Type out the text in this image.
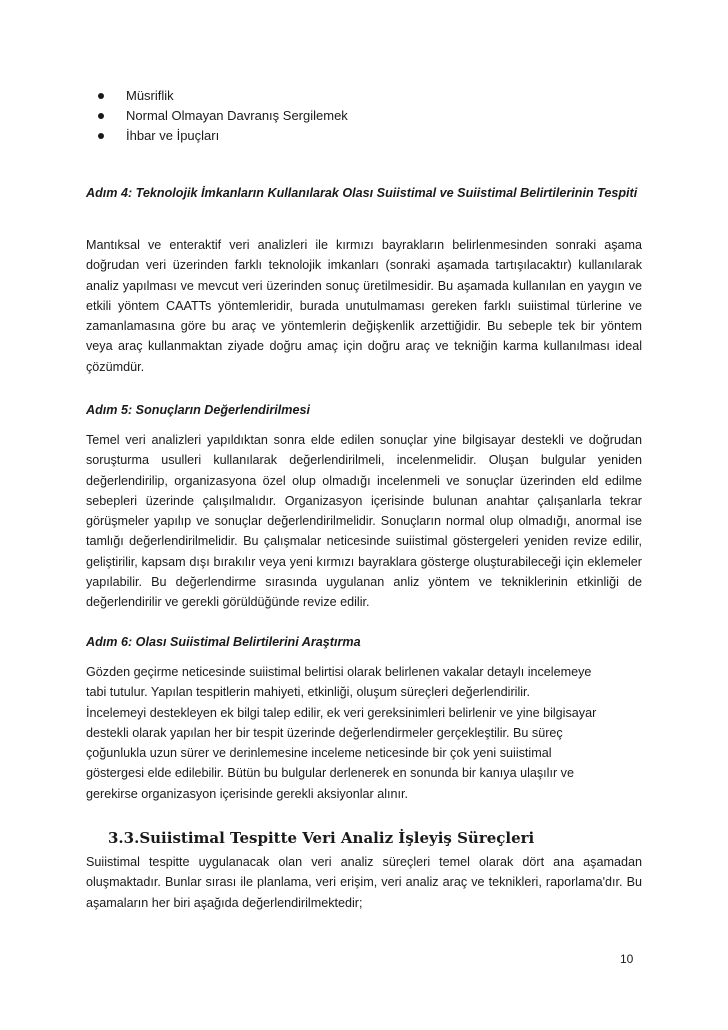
Müsriflik
Normal Olmayan Davranış Sergilemek
İhbar ve İpuçları

Adım 4: Teknolojik İmkanların Kullanılarak Olası Suiistimal ve Suiistimal Belirtilerinin Tespiti

Mantıksal ve enteraktif veri analizleri ile kırmızı bayrakların belirlenmesinden sonraki aşama doğrudan veri üzerinden farklı teknolojik imkanları (sonraki aşamada tartışılacaktır) kullanılarak analiz yapılması ve mevcut veri üzerinden sonuç üretilmesidir. Bu aşamada kullanılan en yaygın ve etkili yöntem CAATTs yöntemleridir, burada unutulmaması gereken farklı suiistimal türlerine ve zamanlamasına göre bu araç ve yöntemlerin değişkenlik arzettiğidir. Bu sebeple tek bir yöntem veya araç kullanmaktan ziyade doğru amaç için doğru araç ve tekniğin karma kullanılması ideal çözümdür.

Adım 5: Sonuçların Değerlendirilmesi

Temel veri analizleri yapıldıktan sonra elde edilen sonuçlar yine bilgisayar destekli ve doğrudan soruşturma usulleri kullanılarak değerlendirilmeli, incelenmelidir. Oluşan bulgular yeniden değerlendirilip, organizasyona özel olup olmadığı incelenmeli ve sonuçlar üzerinden eld edilme sebepleri üzerinde çalışılmalıdır. Organizasyon içerisinde bulunan anahtar çalışanlarla tekrar görüşmeler yapılıp ve sonuçlar değerlendirilmelidir. Sonuçların normal olup olmadığı, anormal ise tamlığı değerlendirilmelidir. Bu çalışmalar neticesinde suiistimal göstergeleri yeniden revize edilir, geliştirilir, kapsam dışı bırakılır veya yeni kırmızı bayraklara gösterge oluşturabileceği için eklemeler yapılabilir. Bu değerlendirme sırasında uygulanan anliz yöntem ve tekniklerinin etkinliği de değerlendirilir ve gerekli görüldüğünde revize edilir.

Adım 6: Olası Suiistimal Belirtilerini Araştırma

Gözden geçirme neticesinde suiistimal belirtisi olarak belirlenen vakalar detaylı incelemeye
tabi tutulur. Yapılan tespitlerin mahiyeti, etkinliği, oluşum süreçleri değerlendirilir.
İncelemeyi destekleyen ek bilgi talep edilir, ek veri gereksinimleri belirlenir ve yine bilgisayar
destekli olarak yapılan her bir tespit üzerinde değerlendirmeler gerçekleştilir. Bu süreç
çoğunlukla uzun sürer ve derinlemesine inceleme neticesinde bir çok yeni suiistimal
göstergesi elde edilebilir. Bütün bu bulgular derlenerek en sonunda bir kanıya ulaşılır ve
gerekirse organizasyon içerisinde gerekli aksiyonlar alınır.
3.3.Suiistimal Tespitte Veri Analiz İşleyiş Süreçleri

Suiistimal tespitte uygulanacak olan veri analiz süreçleri temel olarak dört ana aşamadan oluşmaktadır. Bunlar sırası ile planlama, veri erişim, veri analiz araç ve teknikleri, raporlama'dır. Bu aşamaların her biri aşağıda değerlendirilmektedir;

10
